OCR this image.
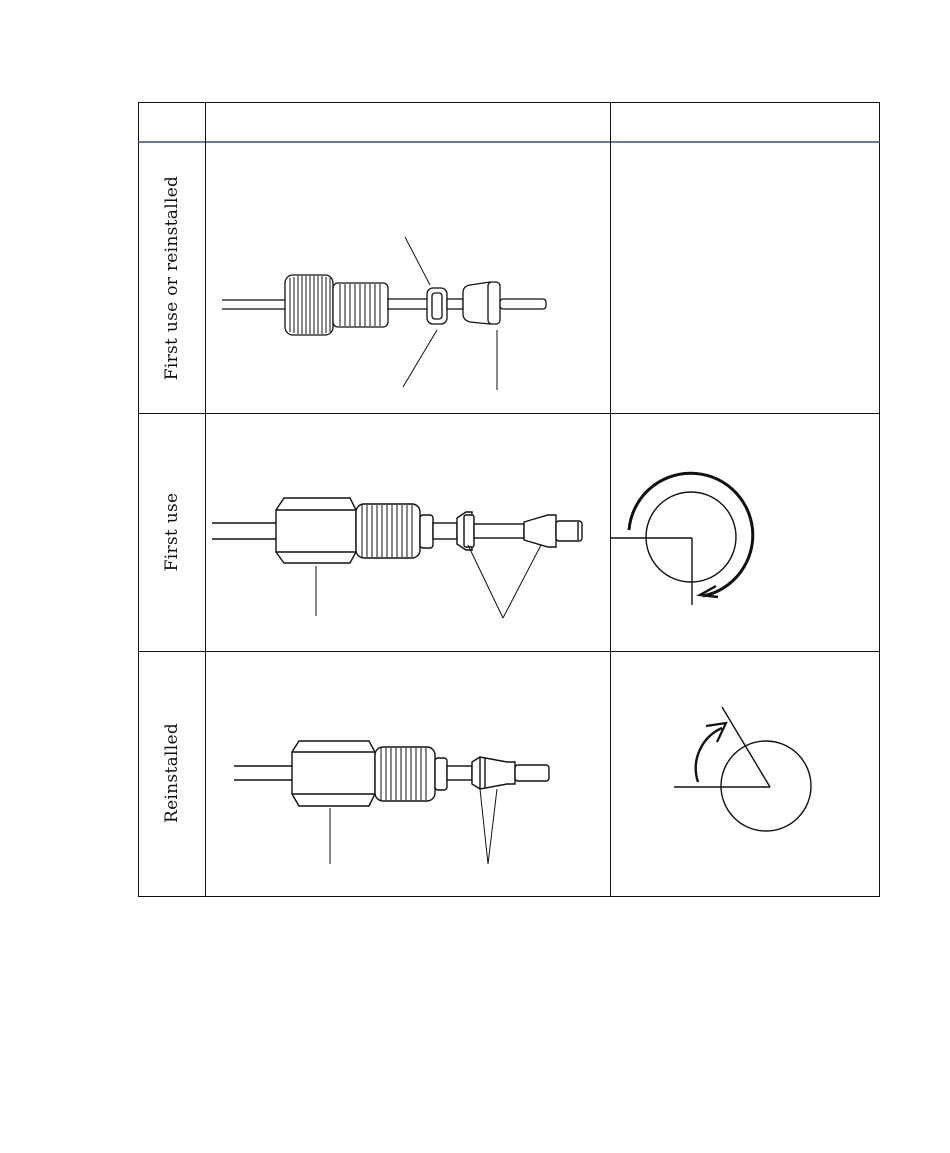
First use or reinstalled
First use
Reinstalled
